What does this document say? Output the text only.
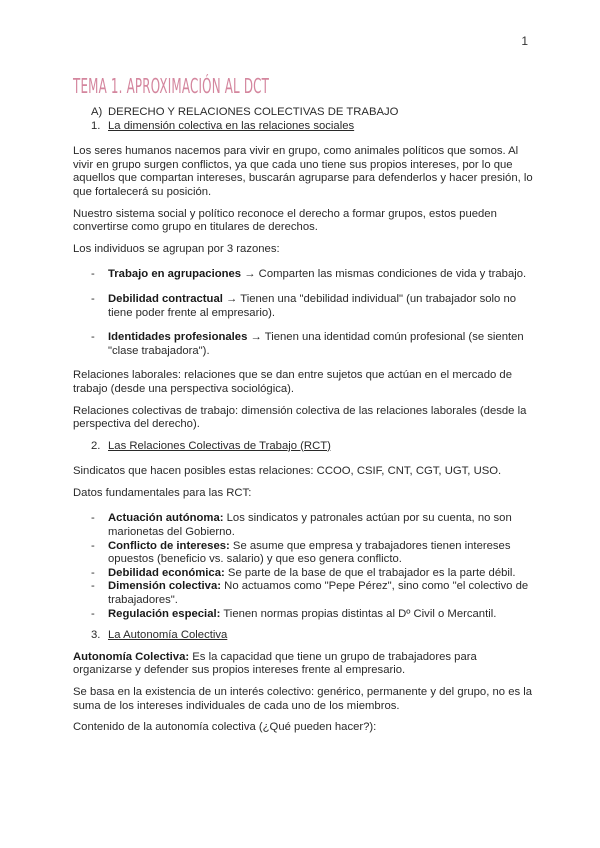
1
TEMA 1. APROXIMACIÓN AL DCT
A) DERECHO Y RELACIONES COLECTIVAS DE TRABAJO
1. La dimensión colectiva en las relaciones sociales

Los seres humanos nacemos para vivir en grupo, como animales políticos que somos. Al vivir en grupo surgen conflictos, ya que cada uno tiene sus propios intereses, por lo que aquellos que compartan intereses, buscarán agruparse para defenderlos y hacer presión, lo que fortalecerá su posición.

Nuestro sistema social y político reconoce el derecho a formar grupos, estos pueden convertirse como grupo en titulares de derechos.

Los individuos se agrupan por 3 razones:

- Trabajo en agrupaciones → Comparten las mismas condiciones de vida y trabajo.
- Debilidad contractual → Tienen una "debilidad individual" (un trabajador solo no tiene poder frente al empresario).
- Identidades profesionales → Tienen una identidad común profesional (se sienten "clase trabajadora").

Relaciones laborales: relaciones que se dan entre sujetos que actúan en el mercado de trabajo (desde una perspectiva sociológica).

Relaciones colectivas de trabajo: dimensión colectiva de las relaciones laborales (desde la perspectiva del derecho).

2. Las Relaciones Colectivas de Trabajo (RCT)

Sindicatos que hacen posibles estas relaciones: CCOO, CSIF, CNT, CGT, UGT, USO.

Datos fundamentales para las RCT:

- Actuación autónoma: Los sindicatos y patronales actúan por su cuenta, no son marionetas del Gobierno.
- Conflicto de intereses: Se asume que empresa y trabajadores tienen intereses opuestos (beneficio vs. salario) y que eso genera conflicto.
- Debilidad económica: Se parte de la base de que el trabajador es la parte débil.
- Dimensión colectiva: No actuamos como "Pepe Pérez", sino como "el colectivo de trabajadores".
- Regulación especial: Tienen normas propias distintas al Dº Civil o Mercantil.
3. La Autonomía Colectiva

Autonomía Colectiva: Es la capacidad que tiene un grupo de trabajadores para organizarse y defender sus propios intereses frente al empresario.

Se basa en la existencia de un interés colectivo: genérico, permanente y del grupo, no es la suma de los intereses individuales de cada uno de los miembros.

Contenido de la autonomía colectiva (¿Qué pueden hacer?):
